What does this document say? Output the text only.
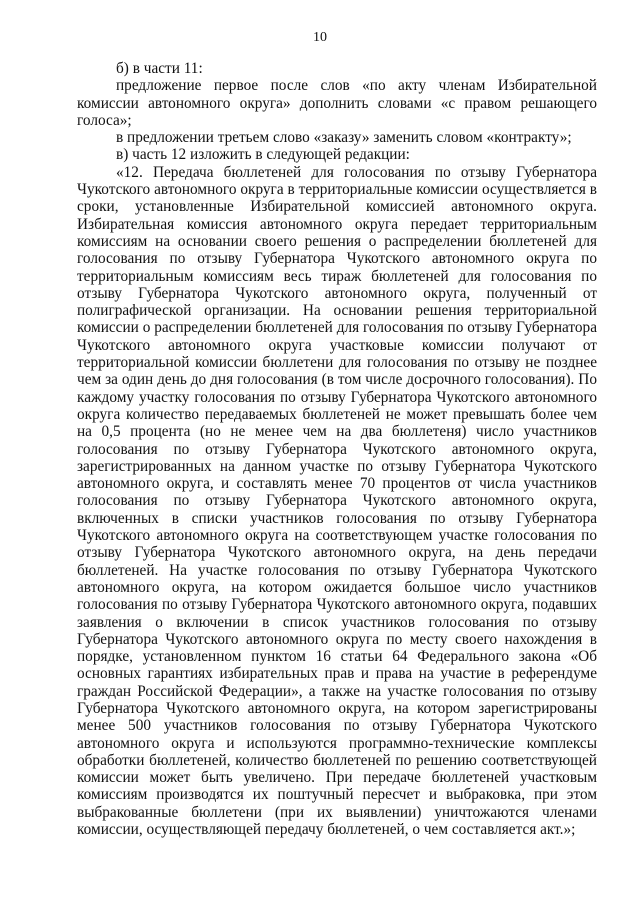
10

б) в части 11:

предложение первое после слов «по акту членам Избирательной комиссии автономного округа» дополнить словами «с правом решающего голоса»;

в предложении третьем слово «заказу» заменить словом «контракту»;

в) часть 12 изложить в следующей редакции:

«12. Передача бюллетеней для голосования по отзыву Губернатора Чукотского автономного округа в территориальные комиссии осуществляется в сроки, установленные Избирательной комиссией автономного округа. Избирательная комиссия автономного округа передает территориальным комиссиям на основании своего решения о распределении бюллетеней для голосования по отзыву Губернатора Чукотского автономного округа по территориальным комиссиям весь тираж бюллетеней для голосования по отзыву Губернатора Чукотского автономного округа, полученный от полиграфической организации. На основании решения территориальной комиссии о распределении бюллетеней для голосования по отзыву Губернатора Чукотского автономного округа участковые комиссии получают от территориальной комиссии бюллетени для голосования по отзыву не позднее чем за один день до дня голосования (в том числе досрочного голосования). По каждому участку голосования по отзыву Губернатора Чукотского автономного округа количество передаваемых бюллетеней не может превышать более чем на 0,5 процента (но не менее чем на два бюллетеня) число участников голосования по отзыву Губернатора Чукотского автономного округа, зарегистрированных на данном участке по отзыву Губернатора Чукотского автономного округа, и составлять менее 70 процентов от числа участников голосования по отзыву Губернатора Чукотского автономного округа, включенных в списки участников голосования по отзыву Губернатора Чукотского автономного округа на соответствующем участке голосования по отзыву Губернатора Чукотского автономного округа, на день передачи бюллетеней. На участке голосования по отзыву Губернатора Чукотского автономного округа, на котором ожидается большое число участников голосования по отзыву Губернатора Чукотского автономного округа, подавших заявления о включении в список участников голосования по отзыву Губернатора Чукотского автономного округа по месту своего нахождения в порядке, установленном пунктом 16 статьи 64 Федерального закона «Об основных гарантиях избирательных прав и права на участие в референдуме граждан Российской Федерации», а также на участке голосования по отзыву Губернатора Чукотского автономного округа, на котором зарегистрированы менее 500 участников голосования по отзыву Губернатора Чукотского автономного округа и используются программно-технические комплексы обработки бюллетеней, количество бюллетеней по решению соответствующей комиссии может быть увеличено. При передаче бюллетеней участковым комиссиям производятся их поштучный пересчет и выбраковка, при этом выбракованные бюллетени (при их выявлении) уничтожаются членами комиссии, осуществляющей передачу бюллетеней, о чем составляется акт.»;
